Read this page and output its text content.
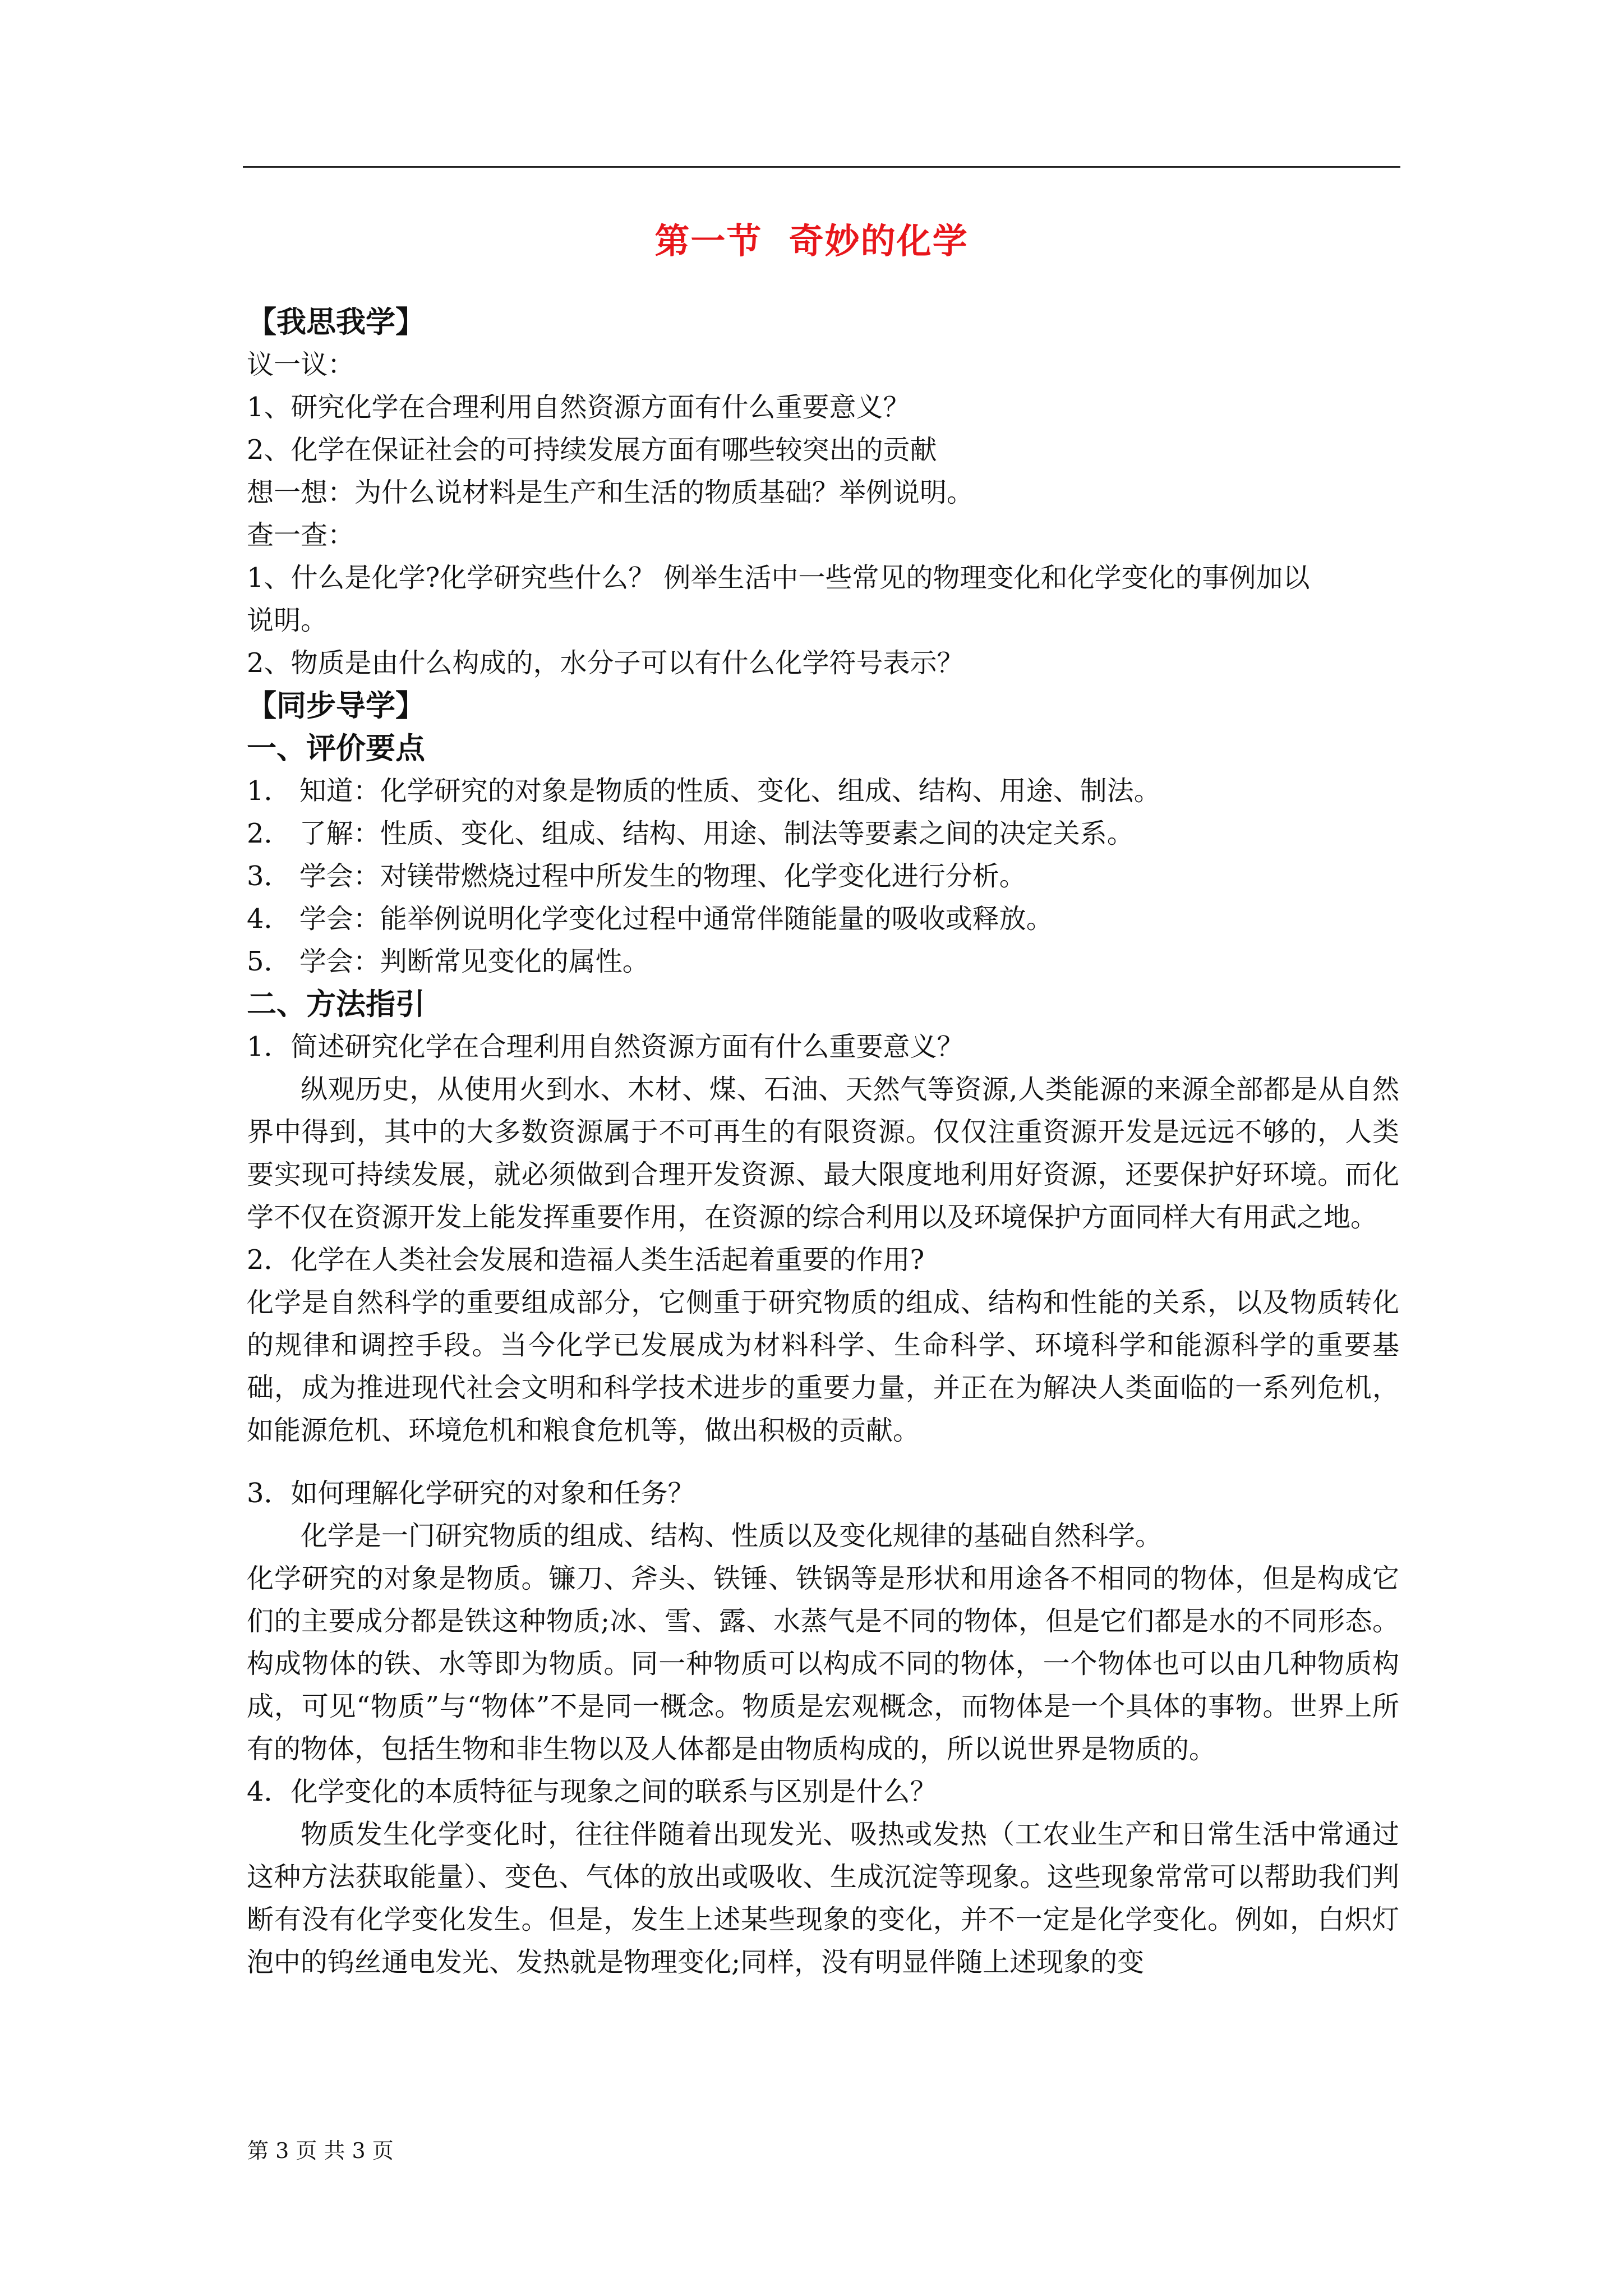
第一节  奇妙的化学

【我思我学】

议一议：

1、研究化学在合理利用自然资源方面有什么重要意义？

2、化学在保证社会的可持续发展方面有哪些较突出的贡献

想一想：为什么说材料是生产和生活的物质基础？举例说明。

查一查：

1、什么是化学?化学研究些什么？ 例举生活中一些常见的物理变化和化学变化的事例加以

说明。

2、物质是由什么构成的，水分子可以有什么化学符号表示？

【同步导学】

一、评价要点

1． 知道：化学研究的对象是物质的性质、变化、组成、结构、用途、制法。

2． 了解：性质、变化、组成、结构、用途、制法等要素之间的决定关系。

3． 学会：对镁带燃烧过程中所发生的物理、化学变化进行分析。

4． 学会：能举例说明化学变化过程中通常伴随能量的吸收或释放。

5． 学会：判断常见变化的属性。

二、方法指引

1．简述研究化学在合理利用自然资源方面有什么重要意义？

纵观历史，从使用火到水、木材、煤、石油、天然气等资源,人类能源的来源全部都是从自然界中得到，其中的大多数资源属于不可再生的有限资源。仅仅注重资源开发是远远不够的，人类要实现可持续发展，就必须做到合理开发资源、最大限度地利用好资源，还要保护好环境。而化学不仅在资源开发上能发挥重要作用，在资源的综合利用以及环境保护方面同样大有用武之地。

2．化学在人类社会发展和造福人类生活起着重要的作用?

化学是自然科学的重要组成部分，它侧重于研究物质的组成、结构和性能的关系，以及物质转化的规律和调控手段。当今化学已发展成为材料科学、生命科学、环境科学和能源科学的重要基础，成为推进现代社会文明和科学技术进步的重要力量，并正在为解决人类面临的一系列危机，如能源危机、环境危机和粮食危机等，做出积极的贡献。

3．如何理解化学研究的对象和任务？

化学是一门研究物质的组成、结构、性质以及变化规律的基础自然科学。

化学研究的对象是物质。镰刀、斧头、铁锤、铁锅等是形状和用途各不相同的物体，但是构成它们的主要成分都是铁这种物质;冰、雪、露、水蒸气是不同的物体，但是它们都是水的不同形态。构成物体的铁、水等即为物质。同一种物质可以构成不同的物体，一个物体也可以由几种物质构成，可见“物质”与“物体”不是同一概念。物质是宏观概念，而物体是一个具体的事物。世界上所有的物体，包括生物和非生物以及人体都是由物质构成的，所以说世界是物质的。

4．化学变化的本质特征与现象之间的联系与区别是什么？

物质发生化学变化时，往往伴随着出现发光、吸热或发热（工农业生产和日常生活中常通过这种方法获取能量）、变色、气体的放出或吸收、生成沉淀等现象。这些现象常常可以帮助我们判断有没有化学变化发生。但是，发生上述某些现象的变化，并不一定是化学变化。例如，白炽灯泡中的钨丝通电发光、发热就是物理变化;同样，没有明显伴随上述现象的变

第 3 页 共 3 页
